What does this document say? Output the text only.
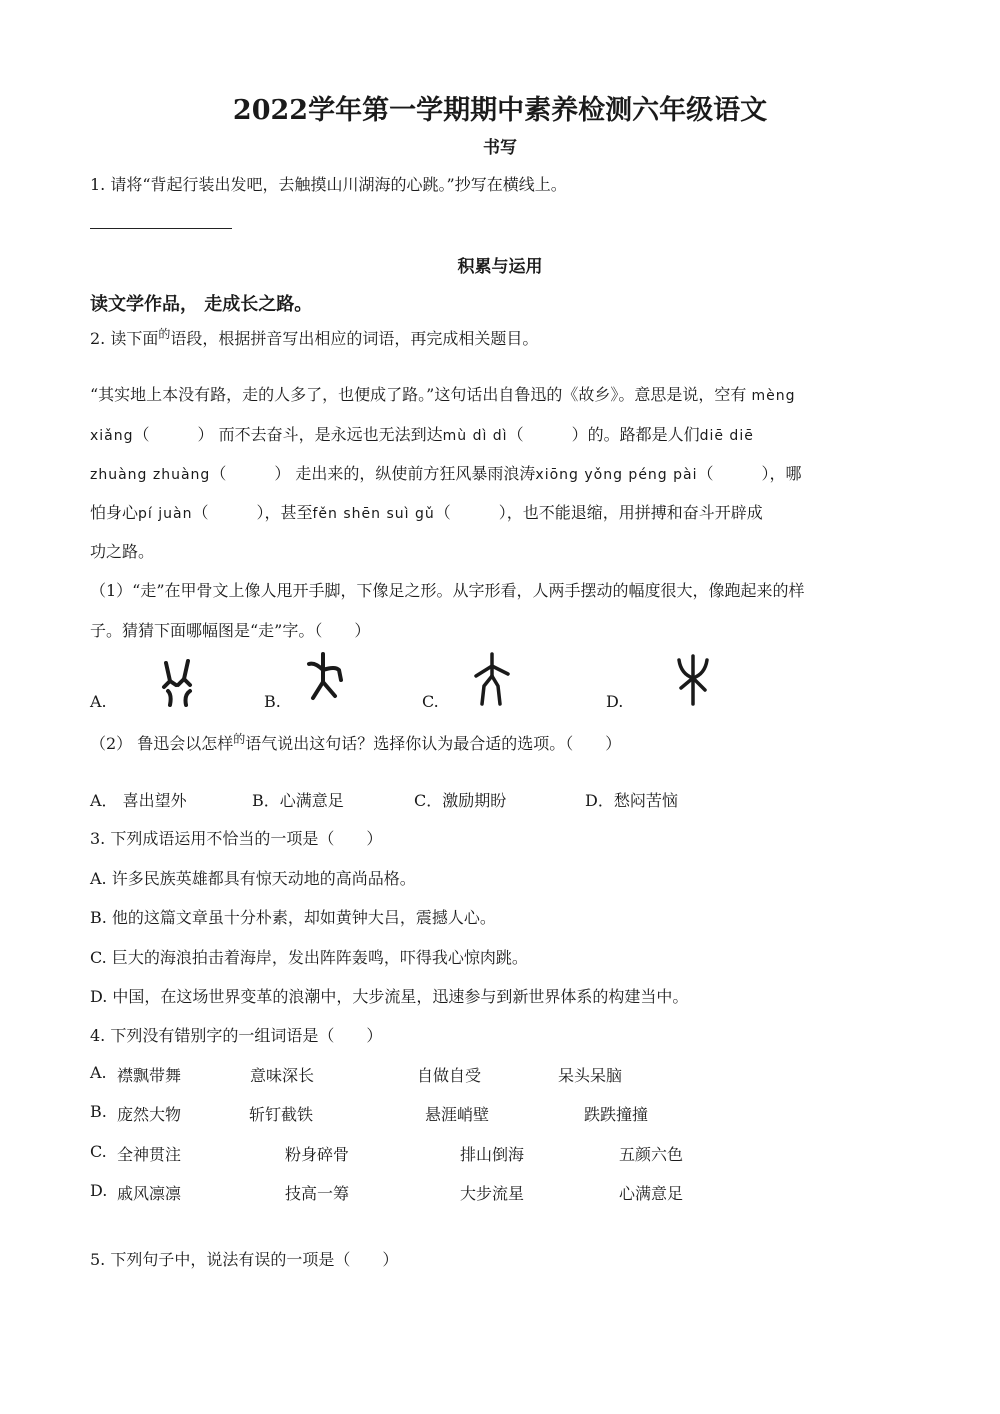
2022学年第一学期期中素养检测六年级语文
书写
1. 请将“背起行装出发吧，去触摸山川湖海的心跳。”抄写在横线上。
积累与运用
读文学作品， 走成长之路。
2. 读下面$^的$语段，根据拼音写出相应的词语，再完成相关题目。
“其实地上本没有路，走的人多了，也便成了路。”这句话出自鲁迅的《故乡》。意思是说，空有 mèng
xiǎng（　　　） 而不去奋斗，是永远也无法到达mù dì dì（　　　）的。路都是人们diē diē
zhuàng zhuàng（　　　） 走出来的，纵使前方狂风暴雨浪涛xiōng yǒng péng pài（　　　），哪
怕身心pí juàn（　　　），甚至fěn shēn suì gǔ（　　　），也不能退缩，用拼搏和奋斗开辟成
功之路。
（1）“走”在甲骨文上像人甩开手脚，下像足之形。从字形看，人两手摆动的幅度很大，像跑起来的样
子。猜猜下面哪幅图是“走”字。（　　）
A.	B.	C.	D.
（2） 鲁迅会以怎样$^的$语气说出这句话？选择你认为最合适的选项。（　　）
A． 喜出望外	B．心满意足	C．激励期盼	D．愁闷苦恼
3. 下列成语运用不恰当的一项是（　　）
A. 许多民族英雄都具有惊天动地的高尚品格。
B. 他的这篇文章虽十分朴素，却如黄钟大吕，震撼人心。
C. 巨大的海浪拍击着海岸，发出阵阵轰鸣，吓得我心惊肉跳。
D. 中国，在这场世界变革的浪潮中，大步流星，迅速参与到新世界体系的构建当中。
4. 下列没有错别字的一组词语是（　　）
A. 襟飘带舞	意味深长	自做自受	呆头呆脑
B. 庞然大物	斩钉截铁	悬涯峭壁	跌跌撞撞
C. 全神贯注	粉身碎骨	排山倒海	五颜六色
D. 戚风凛凛	技高一筹	大步流星	心满意足
5. 下列句子中，说法有误的一项是（　　）
